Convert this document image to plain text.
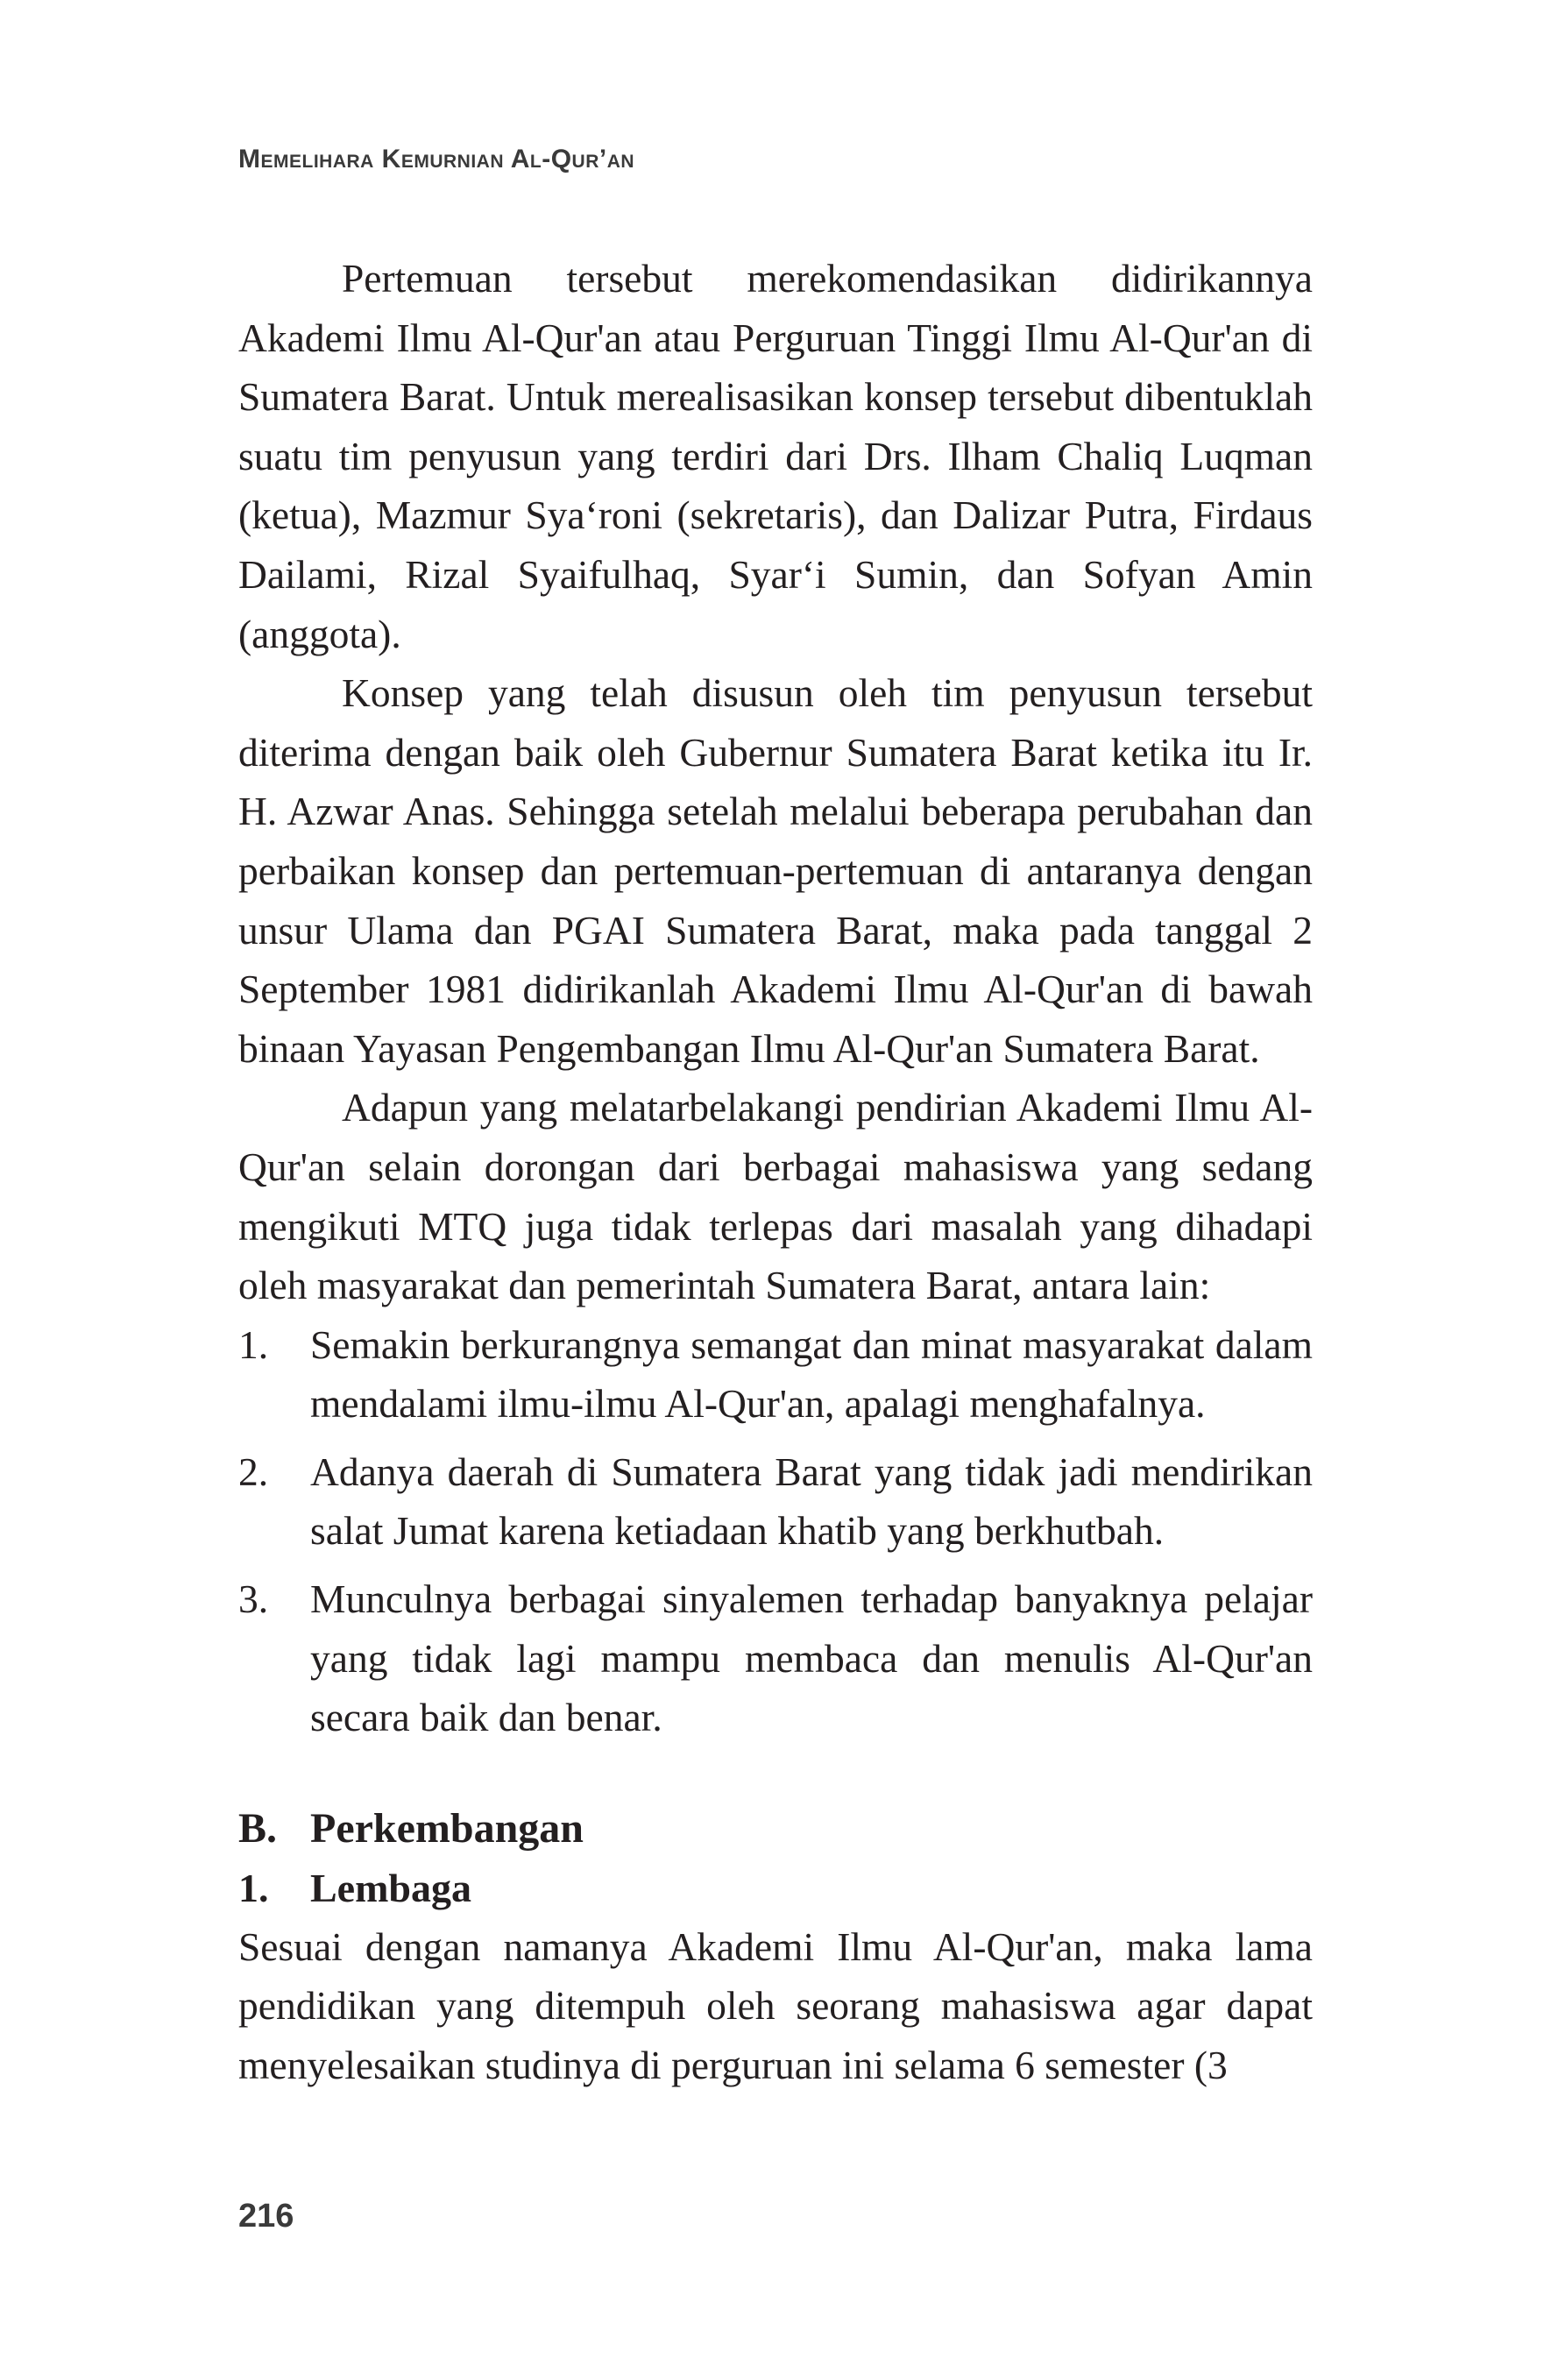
Memelihara Kemurnian Al-Qur’an

Pertemuan tersebut merekomendasikan didirikannya Akademi Ilmu Al-Qur'an atau Perguruan Tinggi Ilmu Al-Qur'an di Sumatera Barat. Untuk merealisasikan konsep tersebut dibentuklah suatu tim penyusun yang terdiri dari Drs. Ilham Chaliq Luqman (ketua), Mazmur Sya‘roni (sekretaris), dan Dalizar Putra, Firdaus Dailami, Rizal Syaifulhaq, Syar‘i Sumin, dan Sofyan Amin (anggota).

Konsep yang telah disusun oleh tim penyusun tersebut diterima dengan baik oleh Gubernur Sumatera Barat ketika itu Ir. H. Azwar Anas. Sehingga setelah melalui beberapa perubahan dan perbaikan konsep dan pertemuan-pertemuan di antaranya dengan unsur Ulama dan PGAI Sumatera Barat, maka pada tanggal 2 September 1981 didirikanlah Akademi Ilmu Al-Qur'an di bawah binaan Yayasan Pengembangan Ilmu Al-Qur'an Sumatera Barat.

Adapun yang melatarbelakangi pendirian Akademi Ilmu Al-Qur'an selain dorongan dari berbagai mahasiswa yang sedang mengikuti MTQ juga tidak terlepas dari masalah yang dihadapi oleh masyarakat dan pemerintah Sumatera Barat, antara lain:

1. Semakin berkurangnya semangat dan minat masyarakat dalam mendalami ilmu-ilmu Al-Qur'an, apalagi menghafalnya.
2. Adanya daerah di Sumatera Barat yang tidak jadi mendirikan salat Jumat karena ketiadaan khatib yang berkhutbah.
3. Munculnya berbagai sinyalemen terhadap banyaknya pelajar yang tidak lagi mampu membaca dan menulis Al-Qur'an secara baik dan benar.
B. Perkembangan
1. Lembaga

Sesuai dengan namanya Akademi Ilmu Al-Qur'an, maka lama pendidikan yang ditempuh oleh seorang mahasiswa agar dapat menyelesaikan studinya di perguruan ini selama 6 semester (3

216
